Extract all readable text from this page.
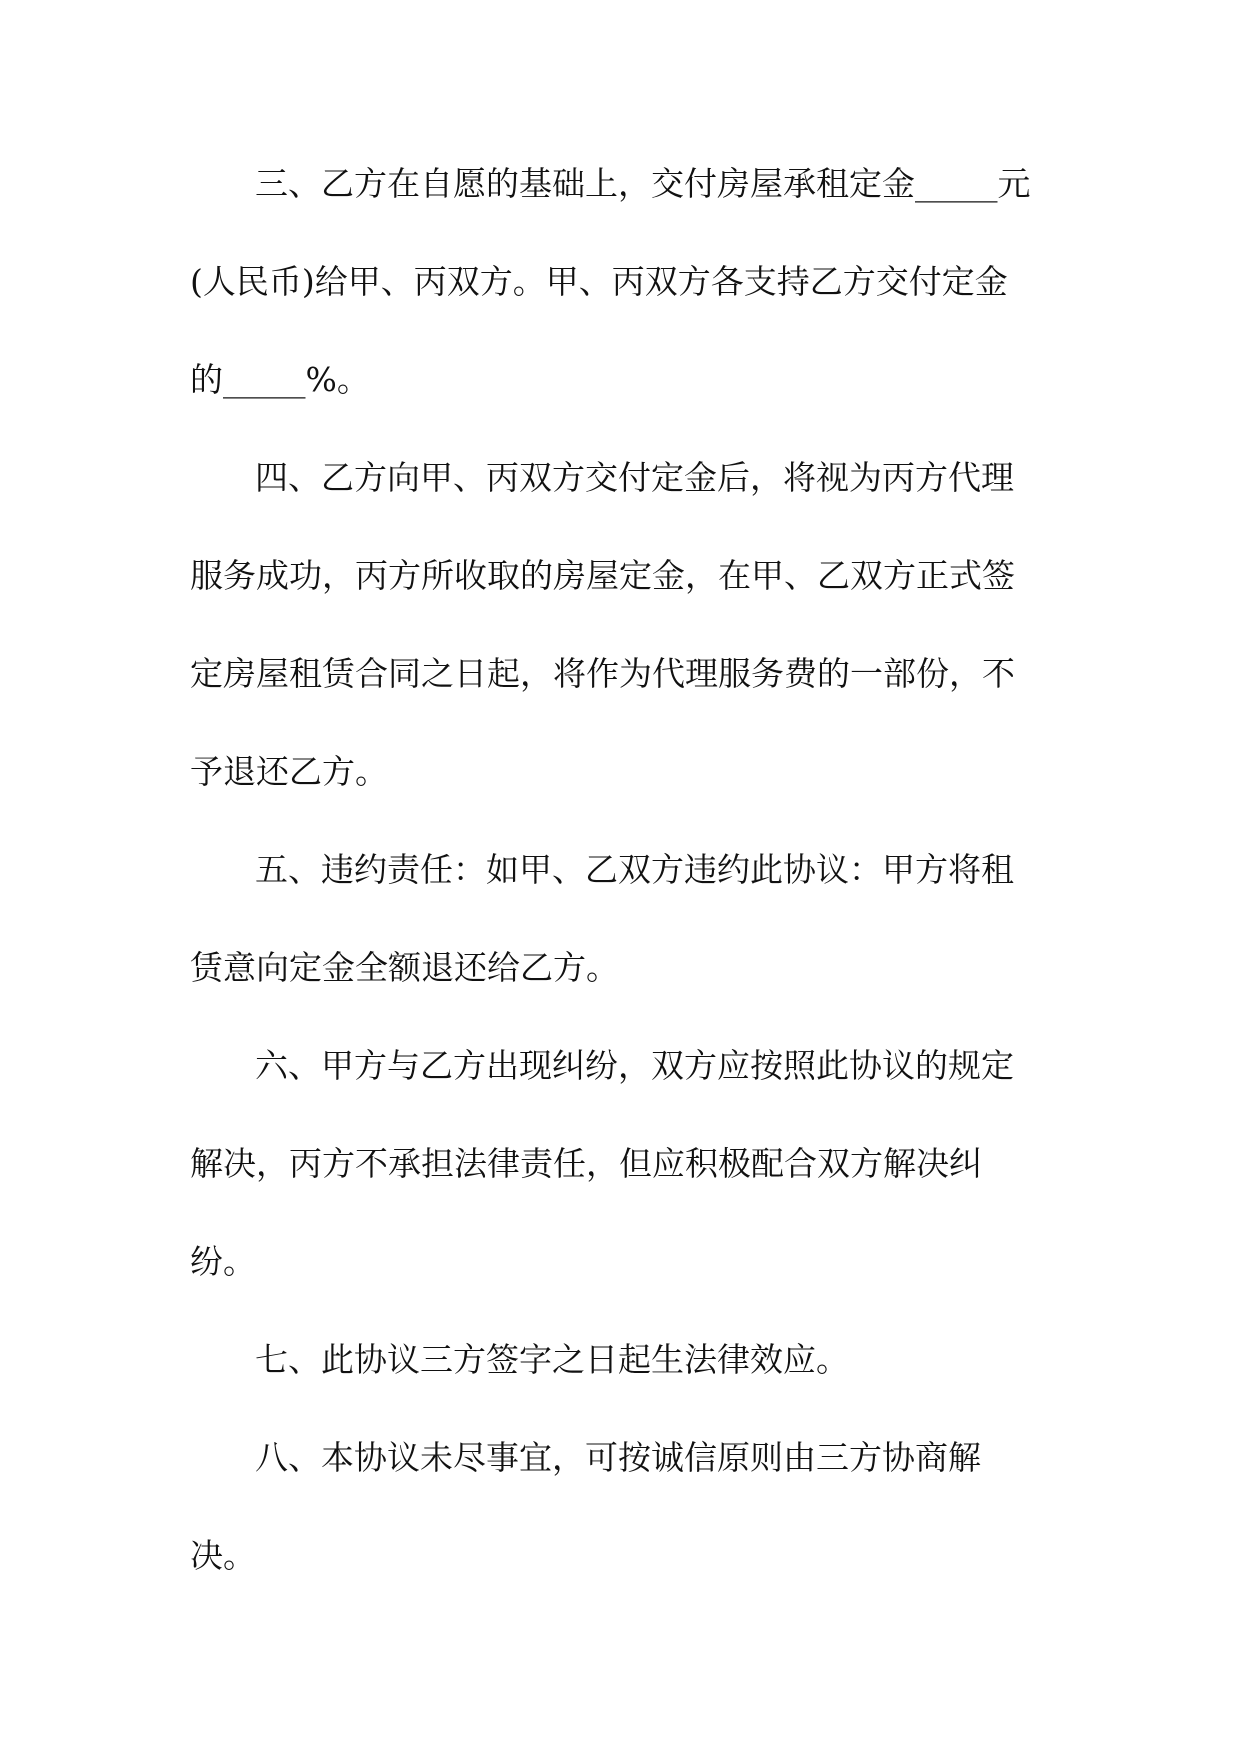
三、乙方在自愿的基础上，交付房屋承租定金_____元
(人民币)给甲、丙双方。甲、丙双方各支持乙方交付定金
的_____%。
四、乙方向甲、丙双方交付定金后，将视为丙方代理
服务成功，丙方所收取的房屋定金，在甲、乙双方正式签
定房屋租赁合同之日起，将作为代理服务费的一部份，不
予退还乙方。
五、违约责任：如甲、乙双方违约此协议：甲方将租
赁意向定金全额退还给乙方。
六、甲方与乙方出现纠纷，双方应按照此协议的规定
解决，丙方不承担法律责任，但应积极配合双方解决纠
纷。
七、此协议三方签字之日起生法律效应。
八、本协议未尽事宜，可按诚信原则由三方协商解
决。
